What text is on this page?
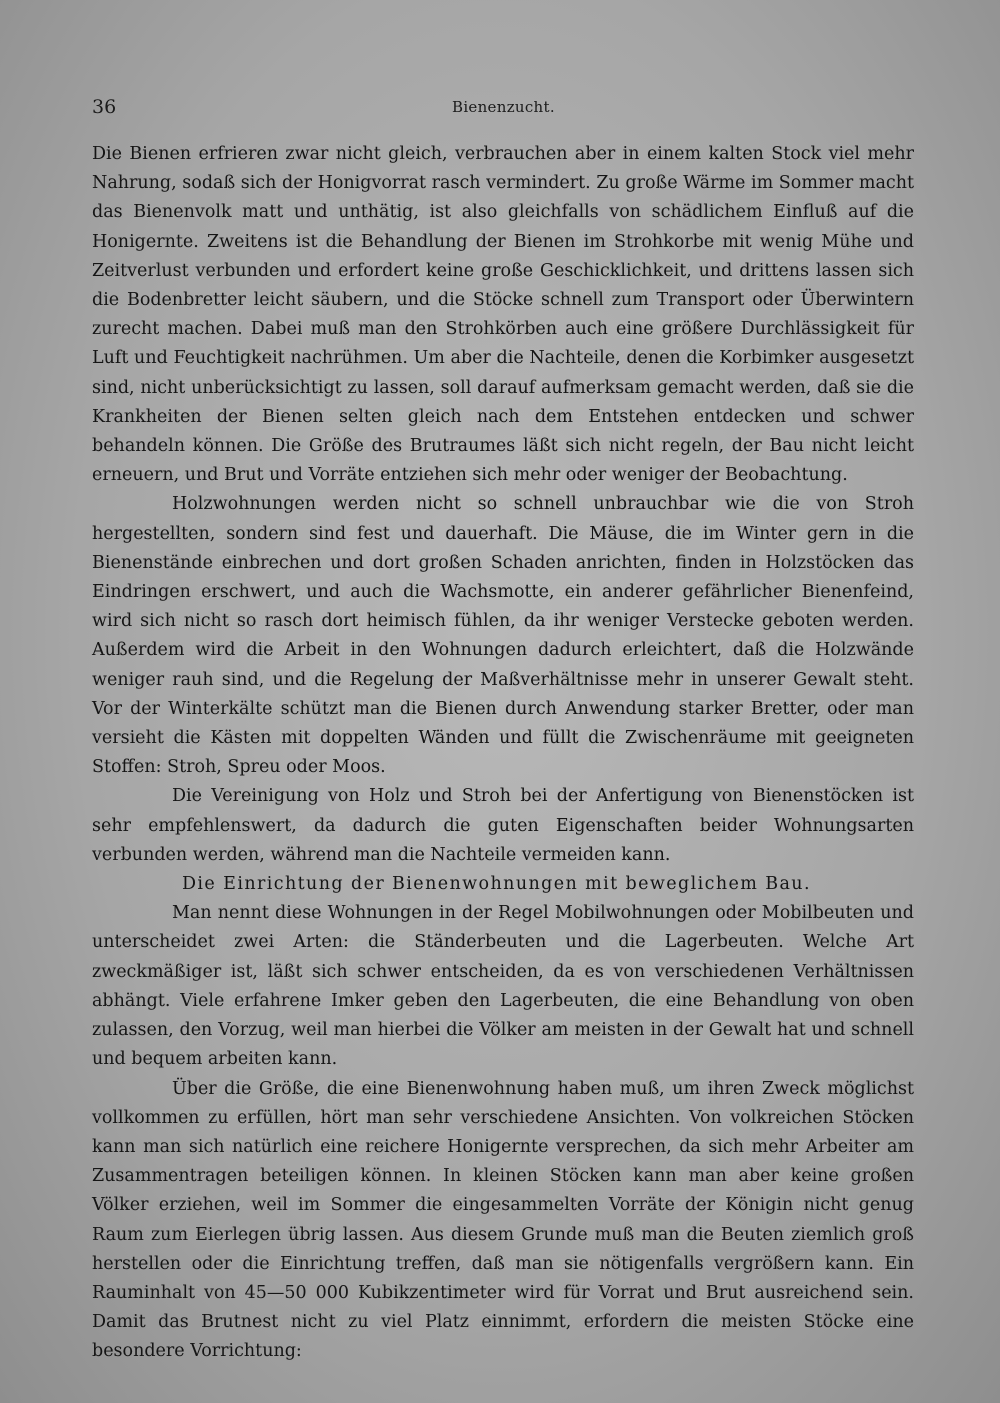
36	Bienenzucht.

Die Bienen erfrieren zwar nicht gleich, verbrauchen aber in einem kalten Stock viel mehr Nahrung, sodaß sich der Honigvorrat rasch vermindert. Zu große Wärme im Sommer macht das Bienenvolk matt und unthätig, ist also gleichfalls von schädlichem Einfluß auf die Honigernte. Zweitens ist die Behandlung der Bienen im Strohkorbe mit wenig Mühe und Zeitverlust verbunden und erfordert keine große Geschicklichkeit, und drittens lassen sich die Bodenbretter leicht säubern, und die Stöcke schnell zum Transport oder Überwintern zurecht machen. Dabei muß man den Strohkörben auch eine größere Durchlässigkeit für Luft und Feuchtigkeit nachrühmen. Um aber die Nachteile, denen die Korbimker ausgesetzt sind, nicht unberücksichtigt zu lassen, soll darauf aufmerksam gemacht werden, daß sie die Krankheiten der Bienen selten gleich nach dem Entstehen entdecken und schwer behandeln können. Die Größe des Brutraumes läßt sich nicht regeln, der Bau nicht leicht erneuern, und Brut und Vorräte entziehen sich mehr oder weniger der Beobachtung.

Holzwohnungen werden nicht so schnell unbrauchbar wie die von Stroh hergestellten, sondern sind fest und dauerhaft. Die Mäuse, die im Winter gern in die Bienenstände einbrechen und dort großen Schaden anrichten, finden in Holzstöcken das Eindringen erschwert, und auch die Wachsmotte, ein anderer gefährlicher Bienenfeind, wird sich nicht so rasch dort heimisch fühlen, da ihr weniger Verstecke geboten werden. Außerdem wird die Arbeit in den Wohnungen dadurch erleichtert, daß die Holzwände weniger rauh sind, und die Regelung der Maßverhältnisse mehr in unserer Gewalt steht. Vor der Winterkälte schützt man die Bienen durch Anwendung starker Bretter, oder man versieht die Kästen mit doppelten Wänden und füllt die Zwischenräume mit geeigneten Stoffen: Stroh, Spreu oder Moos.

Die Vereinigung von Holz und Stroh bei der Anfertigung von Bienenstöcken ist sehr empfehlenswert, da dadurch die guten Eigenschaften beider Wohnungsarten verbunden werden, während man die Nachteile vermeiden kann.

Die Einrichtung der Bienenwohnungen mit beweglichem Bau.

Man nennt diese Wohnungen in der Regel Mobilwohnungen oder Mobilbeuten und unterscheidet zwei Arten: die Ständerbeuten und die Lagerbeuten. Welche Art zweckmäßiger ist, läßt sich schwer entscheiden, da es von verschiedenen Verhältnissen abhängt. Viele erfahrene Imker geben den Lagerbeuten, die eine Behandlung von oben zulassen, den Vorzug, weil man hierbei die Völker am meisten in der Gewalt hat und schnell und bequem arbeiten kann.

Über die Größe, die eine Bienenwohnung haben muß, um ihren Zweck möglichst vollkommen zu erfüllen, hört man sehr verschiedene Ansichten. Von volkreichen Stöcken kann man sich natürlich eine reichere Honigernte versprechen, da sich mehr Arbeiter am Zusammentragen beteiligen können. In kleinen Stöcken kann man aber keine großen Völker erziehen, weil im Sommer die eingesammelten Vorräte der Königin nicht genug Raum zum Eierlegen übrig lassen. Aus diesem Grunde muß man die Beuten ziemlich groß herstellen oder die Einrichtung treffen, daß man sie nötigenfalls vergrößern kann. Ein Rauminhalt von 45—50 000 Kubikzentimeter wird für Vorrat und Brut ausreichend sein. Damit das Brutnest nicht zu viel Platz einnimmt, erfordern die meisten Stöcke eine besondere Vorrichtung:
